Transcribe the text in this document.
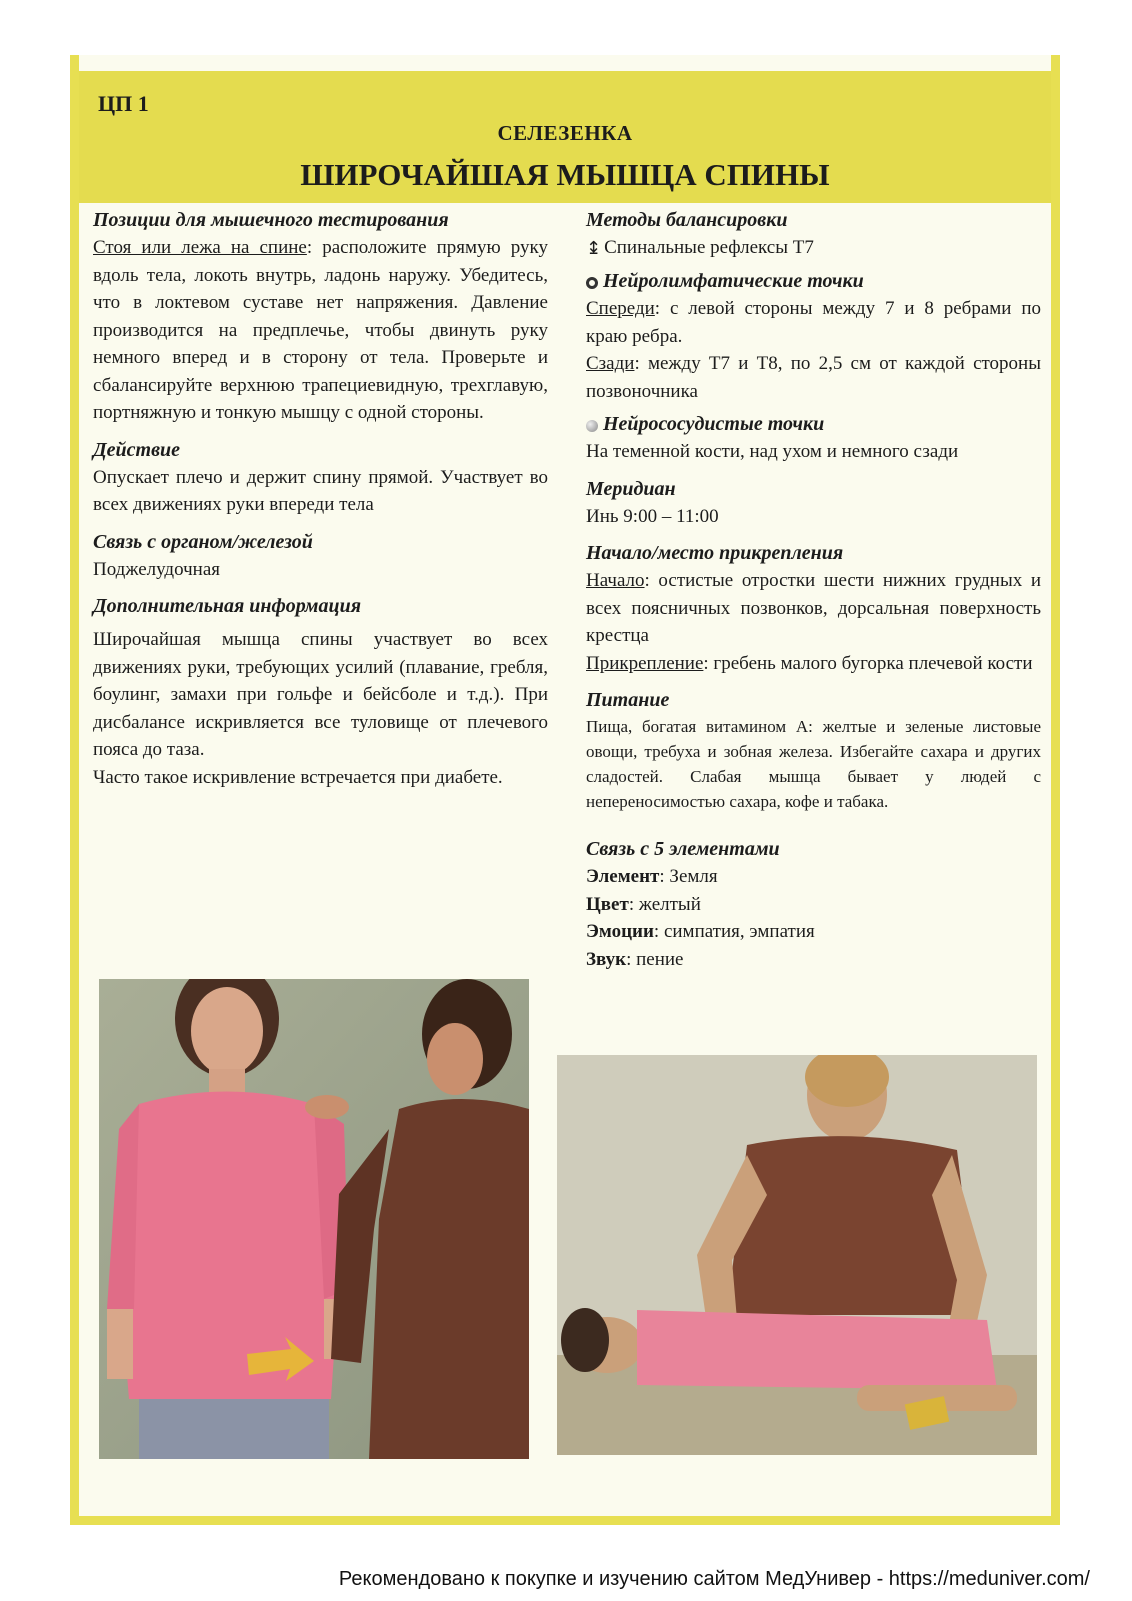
ЦП 1
СЕЛЕЗЕНКА
ШИРОЧАЙШАЯ МЫШЦА СПИНЫ
Позиции для мышечного тестирования

Стоя или лежа на спине: расположите прямую руку вдоль тела, локоть внутрь, ладонь наружу. Убедитесь, что в локтевом суставе нет напряжения. Давление производится на предплечье, чтобы двинуть руку немного вперед и в сторону от тела. Проверьте и сбалансируйте верхнюю трапециевидную, трехглавую, портняжную и тонкую мышцу с одной стороны.

Действие

Опускает плечо и держит спину прямой. Участвует во всех движениях руки впереди тела

Связь с органом/железой

Поджелудочная

Дополнительная информация

Широчайшая мышца спины участвует во всех движениях руки, требующих усилий (плавание, гребля, боулинг, замахи при гольфе и бейсболе и т.д.). При дисбалансе искривляется все туловище от плечевого пояса до таза.

Часто такое искривление встречается при диабете.

Методы балансировки

↨ Спинальные рефлексы Т7

Нейролимфатические точки

Спереди: с левой стороны между 7 и 8 ребрами по краю ребра.

Сзади: между Т7 и Т8, по 2,5 см от каждой стороны позвоночника

Нейрососудистые точки

На теменной кости, над ухом и немного сзади

Меридиан

Инь 9:00 – 11:00

Начало/место прикрепления

Начало: остистые отростки шести нижних грудных и всех поясничных позвонков, дорсальная поверхность крестца

Прикрепление: гребень малого бугорка плечевой кости

Питание

Пища, богатая витамином А: желтые и зеленые листовые овощи, требуха и зобная железа. Избегайте сахара и других сладостей. Слабая мышца бывает у людей с непереносимостью сахара, кофе и табака.

Связь с 5 элементами

Элемент: Земля

Цвет: желтый

Эмоции: симпатия, эмпатия

Звук: пение

Рекомендовано к покупке и изучению сайтом МедУнивер - https://meduniver.com/
